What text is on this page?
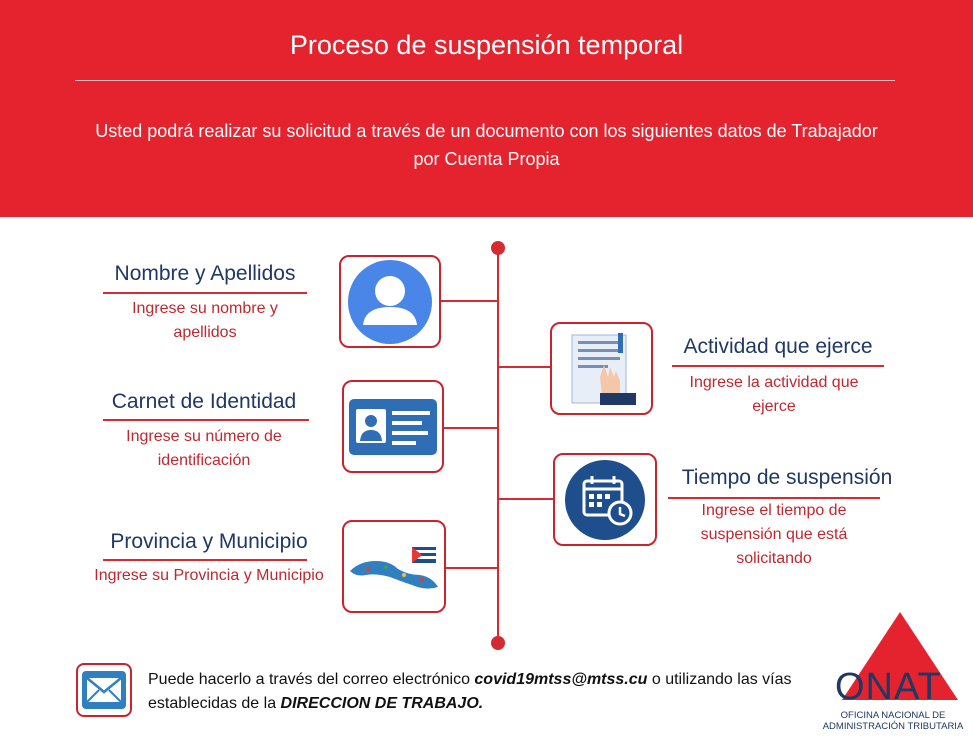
Proceso de suspensión temporal
Usted podrá realizar su solicitud a través de un documento con los siguientes datos de Trabajador por Cuenta Propia
Nombre y Apellidos
Ingrese su nombre y apellidos
Carnet de Identidad
Ingrese su número de identificación
Provincia y Municipio
Ingrese su Provincia y Municipio
Actividad que ejerce
Ingrese la actividad que ejerce
Tiempo de suspensión
Ingrese el tiempo de suspensión que está solicitando
Puede hacerlo a través del correo electrónico covid19mtss@mtss.cu o utilizando las vías establecidas de la DIRECCION DE TRABAJO.	ONAT
OFICINA NACIONAL DE
ADMINISTRACIÓN TRIBUTARIA
